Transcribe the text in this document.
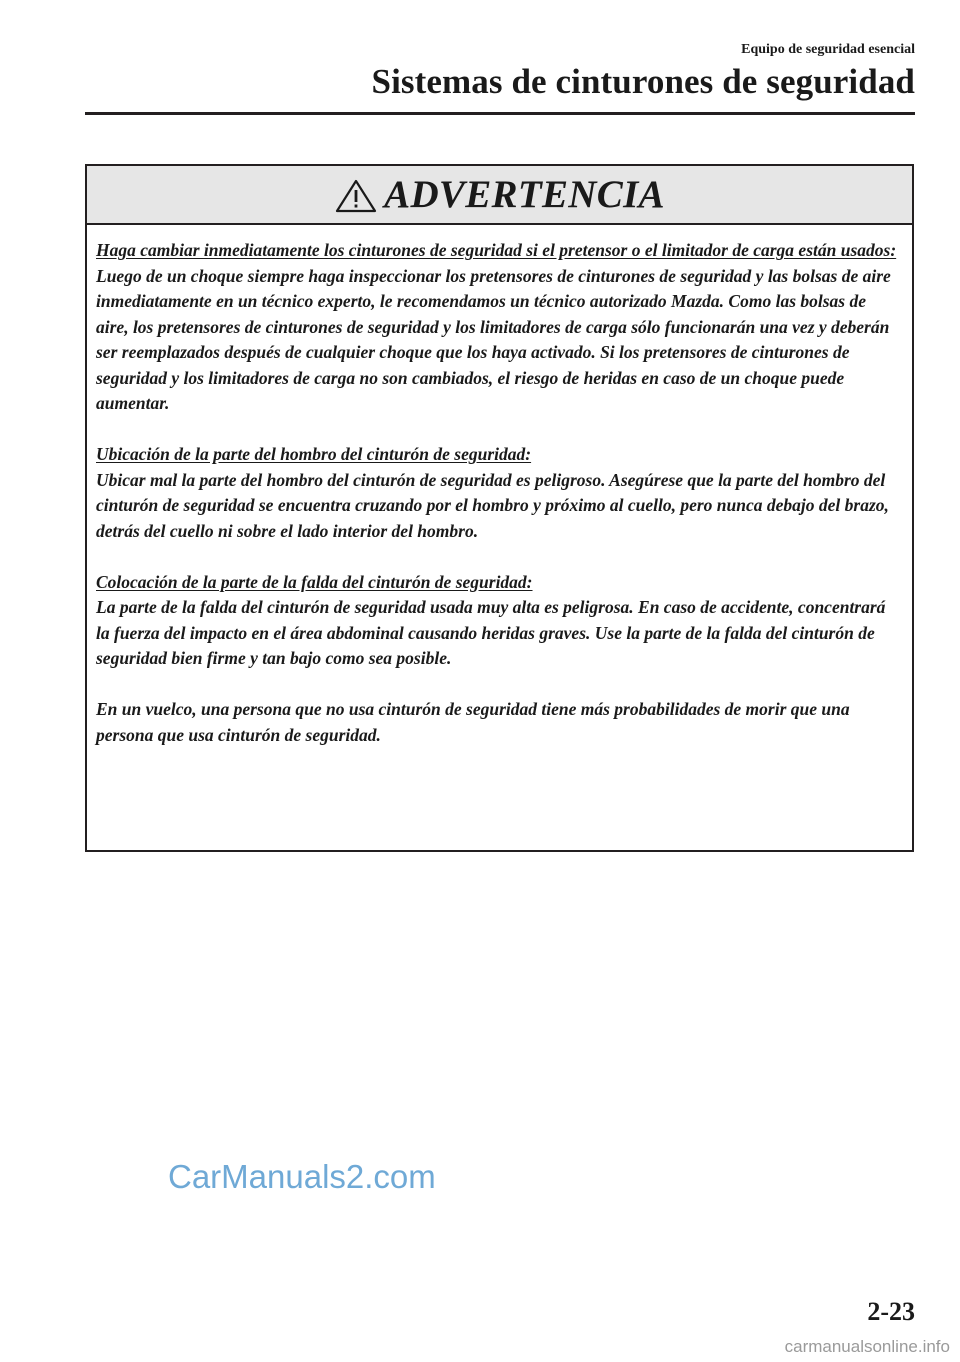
Equipo de seguridad esencial
Sistemas de cinturones de seguridad
ADVERTENCIA

Haga cambiar inmediatamente los cinturones de seguridad si el pretensor o el limitador de carga están usados:
Luego de un choque siempre haga inspeccionar los pretensores de cinturones de seguridad y las bolsas de aire inmediatamente en un técnico experto, le recomendamos un técnico autorizado Mazda. Como las bolsas de aire, los pretensores de cinturones de seguridad y los limitadores de carga sólo funcionarán una vez y deberán ser reemplazados después de cualquier choque que los haya activado. Si los pretensores de cinturones de seguridad y los limitadores de carga no son cambiados, el riesgo de heridas en caso de un choque puede aumentar.

Ubicación de la parte del hombro del cinturón de seguridad:
Ubicar mal la parte del hombro del cinturón de seguridad es peligroso. Asegúrese que la parte del hombro del cinturón de seguridad se encuentra cruzando por el hombro y próximo al cuello, pero nunca debajo del brazo, detrás del cuello ni sobre el lado interior del hombro.

Colocación de la parte de la falda del cinturón de seguridad:
La parte de la falda del cinturón de seguridad usada muy alta es peligrosa. En caso de accidente, concentrará la fuerza del impacto en el área abdominal causando heridas graves. Use la parte de la falda del cinturón de seguridad bien firme y tan bajo como sea posible.

En un vuelco, una persona que no usa cinturón de seguridad tiene más probabilidades de morir que una persona que usa cinturón de seguridad.

CarManuals2.com
2-23
carmanualsonline.info
